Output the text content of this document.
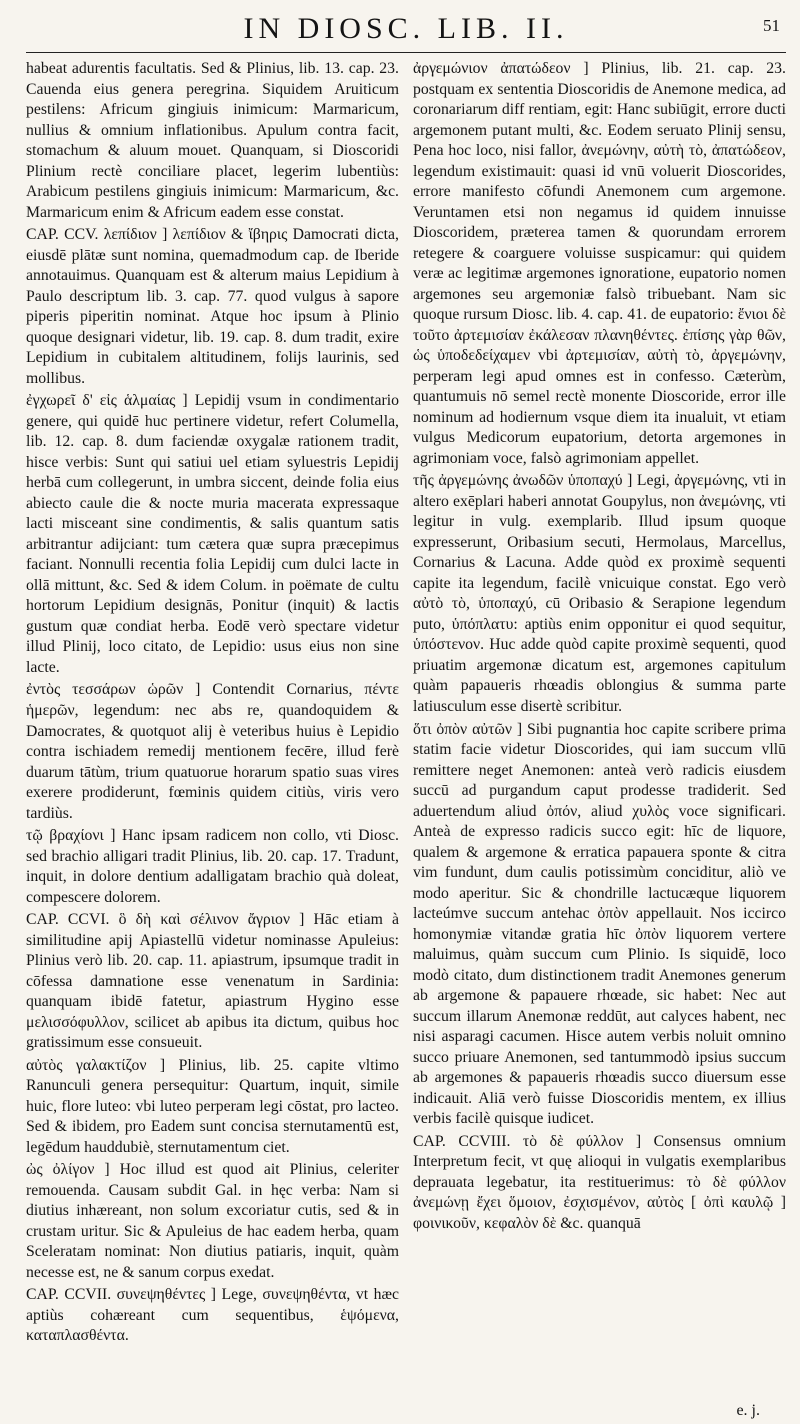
IN DIOSC. LIB. II.	51

habeat adurentis facultatis. Sed & Plinius, lib. 13. cap. 23. Cauenda eius genera peregrina. Siquidem Aruiticum pestilens: Africum gingiuis inimicum: Marmaricum, nullius & omnium inflationibus. Apulum contra facit, stomachum & aluum mouet. Quanquam, si Dioscoridi Plinium rectè conciliare placet, legerim lubentiùs: Arabicum pestilens gingiuis inimicum: Marmaricum, &c. Marmaricum enim & Africum eadem esse constat.

CAP. CCV. λεπίδιον ] λεπίδιον & ἴβηρις Damocrati dicta, eiusdē plātæ sunt nomina, quemadmodum cap. de Iberide annotauimus. Quanquam est & alterum maius Lepidium à Paulo descriptum lib. 3. cap. 77. quod vulgus à sapore piperis piperitin nominat. Atque hoc ipsum à Plinio quoque designari videtur, lib. 19. cap. 8. dum tradit, exire Lepidium in cubitalem altitudinem, folijs laurinis, sed mollibus.

ἐγχωρεῖ δ' εἰς ἁλμαίας ] Lepidij vsum in condimentario genere, qui quidē huc pertinere videtur, refert Columella, lib. 12. cap. 8. dum faciendæ oxygalæ rationem tradit, hisce verbis: Sunt qui satiui uel etiam syluestris Lepidij herbā cum collegerunt, in umbra siccent, deinde folia eius abiecto caule die & nocte muria macerata expressaque lacti misceant sine condimentis, & salis quantum satis arbitrantur adijciant: tum cætera quæ supra præcepimus faciant. Nonnulli recentia folia Lepidij cum dulci lacte in ollā mittunt, &c. Sed & idem Colum. in poëmate de cultu hortorum Lepidium designās, Ponitur (inquit) & lactis gustum quæ condiat herba. Eodē verò spectare videtur illud Plinij, loco citato, de Lepidio: usus eius non sine lacte.

ἐντὸς τεσσάρων ὡρῶν ] Contendit Cornarius, πέντε ἡμερῶν, legendum: nec abs re, quandoquidem & Damocrates, & quotquot alij è veteribus huius è Lepidio contra ischiadem remedij mentionem fecēre, illud ferè duarum tātùm, trium quatuorue horarum spatio suas vires exerere prodiderunt, fœminis quidem citiùs, viris vero tardiùs.

τῷ βραχίονι ] Hanc ipsam radicem non collo, vti Diosc. sed brachio alligari tradit Plinius, lib. 20. cap. 17. Tradunt, inquit, in dolore dentium adalligatam brachio quà doleat, compescere dolorem.

CAP. CCVI. ὃ δὴ καὶ σέλινον ἄγριον ] Hāc etiam à similitudine apij Apiastellū videtur nominasse Apuleius: Plinius verò lib. 20. cap. 11. apiastrum, ipsumque tradit in cōfessa damnatione esse venenatum in Sardinia: quanquam ibidē fatetur, apiastrum Hygino esse μελισσόφυλλον, scilicet ab apibus ita dictum, quibus hoc gratissimum esse consueuit.

αὐτὸς γαλακτίζον ] Plinius, lib. 25. capite vltimo Ranunculi genera persequitur: Quartum, inquit, simile huic, flore luteo: vbi luteo perperam legi cōstat, pro lacteo. Sed & ibidem, pro Eadem sunt concisa sternutamentū est, legēdum hauddubiè, sternutamentum ciet.

ὠς ὀλίγον ] Hoc illud est quod ait Plinius, celeriter remouenda. Causam subdit Gal. in hęc verba: Nam si diutius inhæreant, non solum excoriatur cutis, sed & in crustam uritur. Sic & Apuleius de hac eadem herba, quam Sceleratam nominat: Non diutius patiaris, inquit, quàm necesse est, ne & sanum corpus exedat.

CAP. CCVII. συνεψηθέντες ] Lege, συνεψηθέντα, vt hæc aptiùs cohæreant cum sequentibus, ἑψόμενα, καταπλασθέντα.

ἀργεμώνιον ἀπατώδεον ] Plinius, lib. 21. cap. 23. postquam ex sententia Dioscoridis de Anemone medica, ad coronariarum diff rentiam, egit: Hanc subiūgit, errore ducti argemonem putant multi, &c. Eodem seruato Plinij sensu, Pena hoc loco, nisi fallor, ἀνεμώνην, αὐτὴ τὸ, ἀπατώδεον, legendum existimauit: quasi id vnū voluerit Dioscorides, errore manifesto cōfundi Anemonem cum argemone. Veruntamen etsi non negamus id quidem innuisse Dioscoridem, præterea tamen & quorundam errorem retegere & coarguere voluisse suspicamur: qui quidem veræ ac legitimæ argemones ignoratione, eupatorio nomen argemones seu argemoniæ falsò tribuebant. Nam sic quoque rursum Diosc. lib. 4. cap. 41. de eupatorio: ἔνιοι δὲ τοῦτο ἀρτεμισίαν ἐκάλεσαν πλανηθέντες. ἐπίσης γὰρ θῶν, ὡς ὑποδεδείχαμεν vbi ἀρτεμισίαν, αὐτὴ τὸ, ἀργεμώνην, perperam legi apud omnes est in confesso. Cæterùm, quantumuis nō semel rectè monente Dioscoride, error ille nominum ad hodiernum vsque diem ita inualuit, vt etiam vulgus Medicorum eupatorium, detorta argemones in agrimoniam voce, falsò agrimoniam appellet.

τῆς ἀργεμώνης ἀνωδῶν ὑποπαχύ ] Legi, ἀργεμώνης, vti in altero exēplari haberi annotat Goupylus, non ἀνεμώνης, vti legitur in vulg. exemplarib. Illud ipsum quoque expresserunt, Oribasium secuti, Hermolaus, Marcellus, Cornarius & Lacuna. Adde quòd ex proximè sequenti capite ita legendum, facilè vnicuique constat. Ego verò αὐτὸ τὸ, ὑποπαχύ, cū Oribasio & Serapione legendum puto, ὑπόπλατυ: aptiùs enim opponitur ei quod sequitur, ὑπόστενον. Huc adde quòd capite proximè sequenti, quod priuatim argemonæ dicatum est, argemones capitulum quàm papaueris rhœadis oblongius & summa parte latiusculum esse disertè scribitur.

ὅτι ὀπὸν αὐτῶν ] Sibi pugnantia hoc capite scribere prima statim facie videtur Dioscorides, qui iam succum vllū remittere neget Anemonen: anteà verò radicis eiusdem succū ad purgandum caput prodesse tradiderit. Sed aduertendum aliud ὀπόν, aliud χυλὸς voce significari. Anteà de expresso radicis succo egit: hīc de liquore, qualem & argemone & erratica papauera sponte & citra vim fundunt, dum caulis potissimùm conciditur, aliò ve modo aperitur. Sic & chondrille lactucæque liquorem lacteúmve succum antehac ὀπὸν appellauit. Nos iccirco homonymiæ vitandæ gratia hīc ὀπὸν liquorem vertere maluimus, quàm succum cum Plinio. Is siquidē, loco modò citato, dum distinctionem tradit Anemones generum ab argemone & papauere rhœade, sic habet: Nec aut succum illarum Anemonæ reddūt, aut calyces habent, nec nisi asparagi cacumen. Hisce autem verbis noluit omnino succo priuare Anemonen, sed tantummodò ipsius succum ab argemones & papaueris rhœadis succo diuersum esse indicauit. Aliā verò fuisse Dioscoridis mentem, ex illius verbis facilè quisque iudicet.

CAP. CCVIII. τὸ δὲ φύλλον ] Consensus omnium Interpretum fecit, vt quę alioqui in vulgatis exemplaribus deprauata legebatur, ita restituerimus: τὸ δὲ φύλλον ἀνεμώνῃ ἔχει ὅμοιον, ἐσχισμένον, αὐτὸς [ ὀπὶ καυλῷ ] φοινικοῦν, κεφαλὸν δὲ &c. quanquā

e. j.
